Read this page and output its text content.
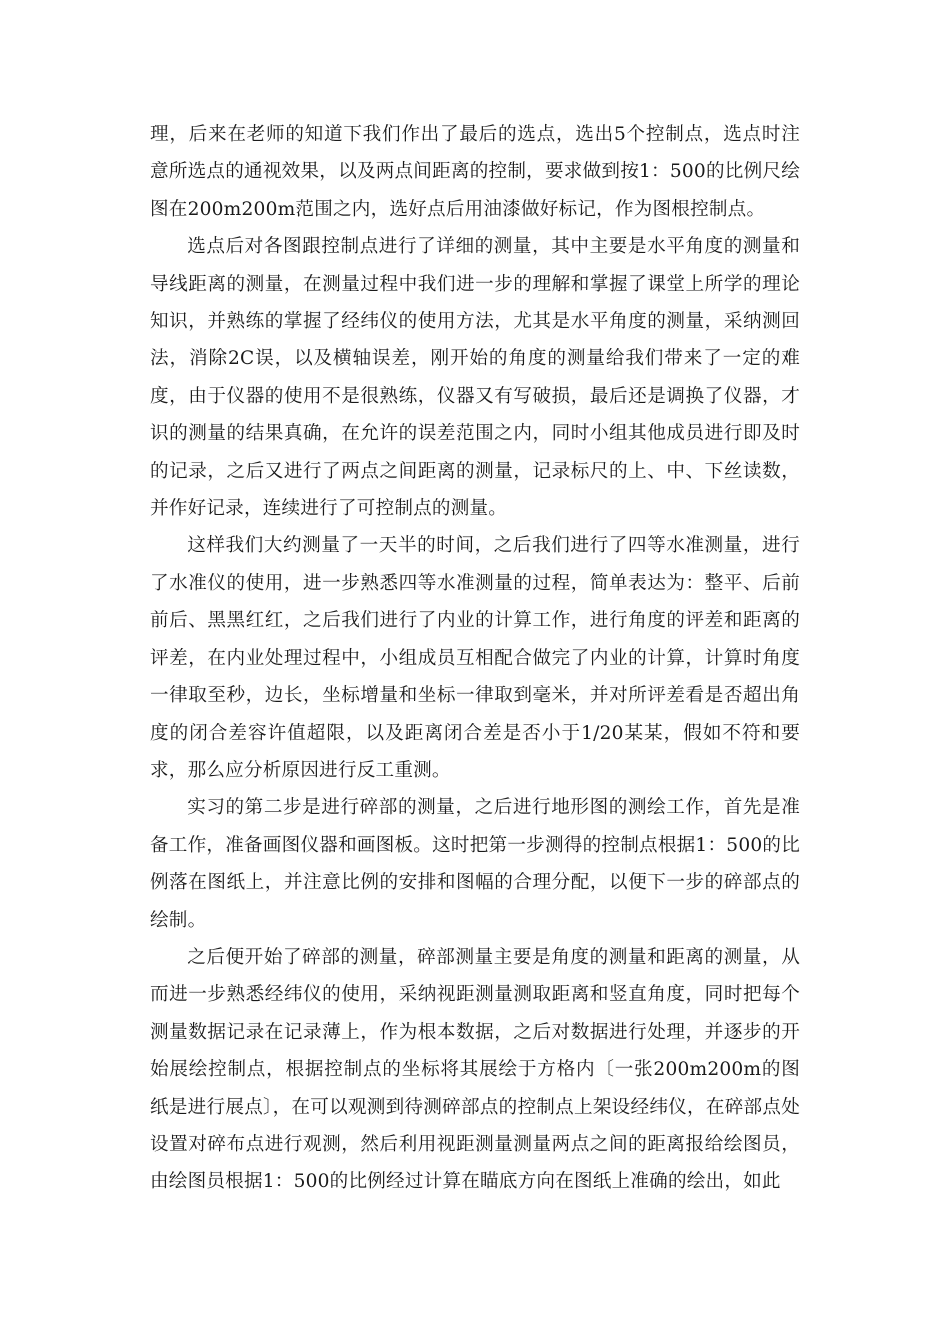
理，后来在老师的知道下我们作出了最后的选点，选出5个控制点，选点时注意所选点的通视效果，以及两点间距离的控制，要求做到按1：500的比例尺绘图在200m200m范围之内，选好点后用油漆做好标记，作为图根控制点。

选点后对各图跟控制点进行了详细的测量，其中主要是水平角度的测量和导线距离的测量，在测量过程中我们进一步的理解和掌握了课堂上所学的理论知识，并熟练的掌握了经纬仪的使用方法，尤其是水平角度的测量，采纳测回法，消除2C误，以及横轴误差，刚开始的角度的测量给我们带来了一定的难度，由于仪器的使用不是很熟练，仪器又有写破损，最后还是调换了仪器，才识的测量的结果真确，在允许的误差范围之内，同时小组其他成员进行即及时的记录，之后又进行了两点之间距离的测量，记录标尺的上、中、下丝读数，并作好记录，连续进行了可控制点的测量。

这样我们大约测量了一天半的时间，之后我们进行了四等水准测量，进行了水准仪的使用，进一步熟悉四等水准测量的过程，简单表达为：整平、后前前后、黑黑红红，之后我们进行了内业的计算工作，进行角度的评差和距离的评差，在内业处理过程中，小组成员互相配合做完了内业的计算，计算时角度一律取至秒，边长，坐标增量和坐标一律取到毫米，并对所评差看是否超出角度的闭合差容许值超限，以及距离闭合差是否小于1/20某某，假如不符和要求，那么应分析原因进行反工重测。

实习的第二步是进行碎部的测量，之后进行地形图的测绘工作，首先是准备工作，准备画图仪器和画图板。这时把第一步测得的控制点根据1：500的比例落在图纸上，并注意比例的安排和图幅的合理分配，以便下一步的碎部点的绘制。

之后便开始了碎部的测量，碎部测量主要是角度的测量和距离的测量，从而进一步熟悉经纬仪的使用，采纳视距测量测取距离和竖直角度，同时把每个测量数据记录在记录薄上，作为根本数据，之后对数据进行处理，并逐步的开始展绘控制点，根据控制点的坐标将其展绘于方格内〔一张200m200m的图纸是进行展点〕，在可以观测到待测碎部点的控制点上架设经纬仪，在碎部点处设置对碎布点进行观测，然后利用视距测量测量两点之间的距离报给绘图员，由绘图员根据1：500的比例经过计算在瞄底方向在图纸上准确的绘出，如此
